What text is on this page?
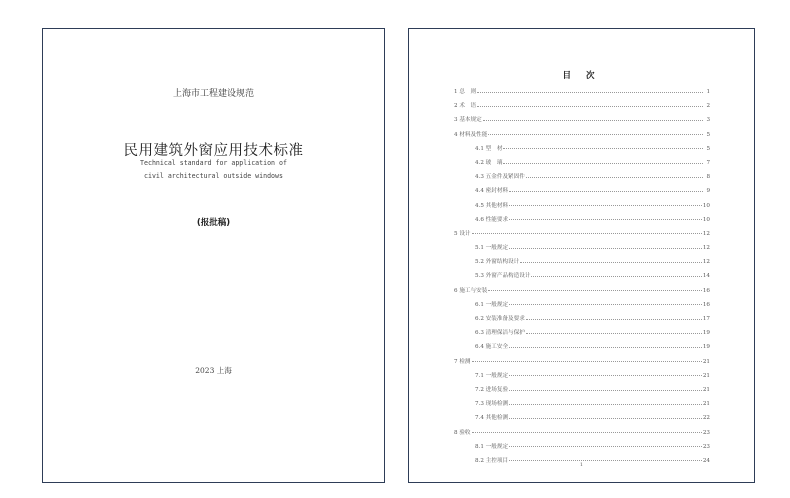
上海市工程建设规范
民用建筑外窗应用技术标准
Technical standard for application of
civil architectural outside windows
(报批稿)
2023 上海
目 次
1 总　则	1
2 术　语	2
3 基本规定	3
4 材料及性能	5
4.1 型　材	5
4.2 玻　璃	7
4.3 五金件及紧固件	8
4.4 密封材料	9
4.5 其他材料	10
4.6 性能要求	10
5 设计	12
5.1 一般规定	12
5.2 外窗结构设计	12
5.3 外窗产品构造设计	14
6 施工与安装	16
6.1 一般规定	16
6.2 安装准备及要求	17
6.3 清理保洁与保护	19
6.4 施工安全	19
7 检测	21
7.1 一般规定	21
7.2 进场复验	21
7.3 现场检测	21
7.4 其他检测	22
8 验收	23
8.1 一般规定	23
8.2 主控项目	24
1
